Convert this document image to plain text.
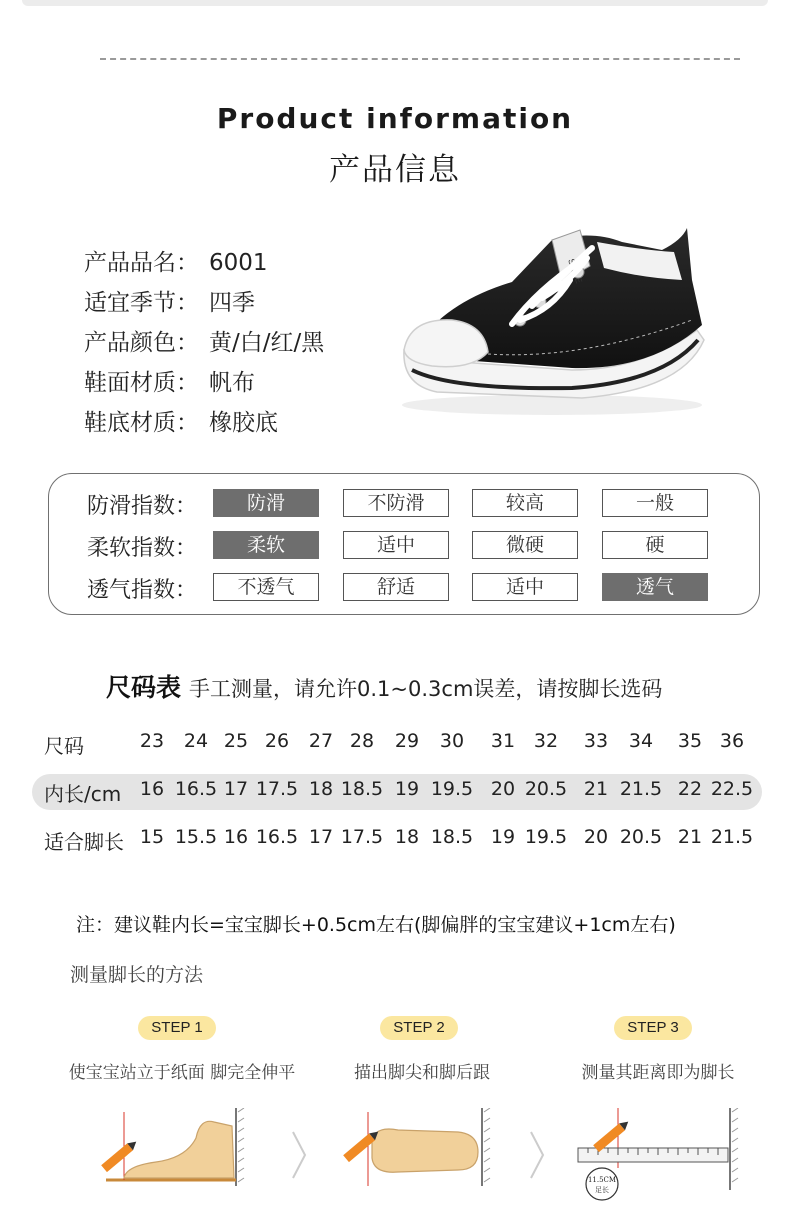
Product information
产品信息
产品品名： 6001
适宜季节： 四季
产品颜色： 黄/白/红/黑
鞋面材质： 帆布
鞋底材质： 橡胶底
防滑指数：	防滑	不防滑	较高	一般
柔软指数：	柔软	适中	微硬	硬
透气指数：	不透气	舒适	适中	透气
尺码表 手工测量，请允许0.1~0.3cm误差，请按脚长选码
尺码	23 24 25 26 27 28 29 30 31 32 33 34 35 36
内长/cm 16 16.5 17 17.5 18 18.5 19 19.5 20 20.5 21 21.5 22 22.5
适合脚长 15 15.5 16 16.5 17 17.5 18 18.5 19 19.5 20 20.5 21 21.5
注：建议鞋内长=宝宝脚长+0.5cm左右(脚偏胖的宝宝建议+1cm左右)
测量脚长的方法
STEP 1	STEP 2	STEP 3
使宝宝站立于纸面 脚完全伸平	描出脚尖和脚后跟	测量其距离即为脚长
11.5CM
足长
